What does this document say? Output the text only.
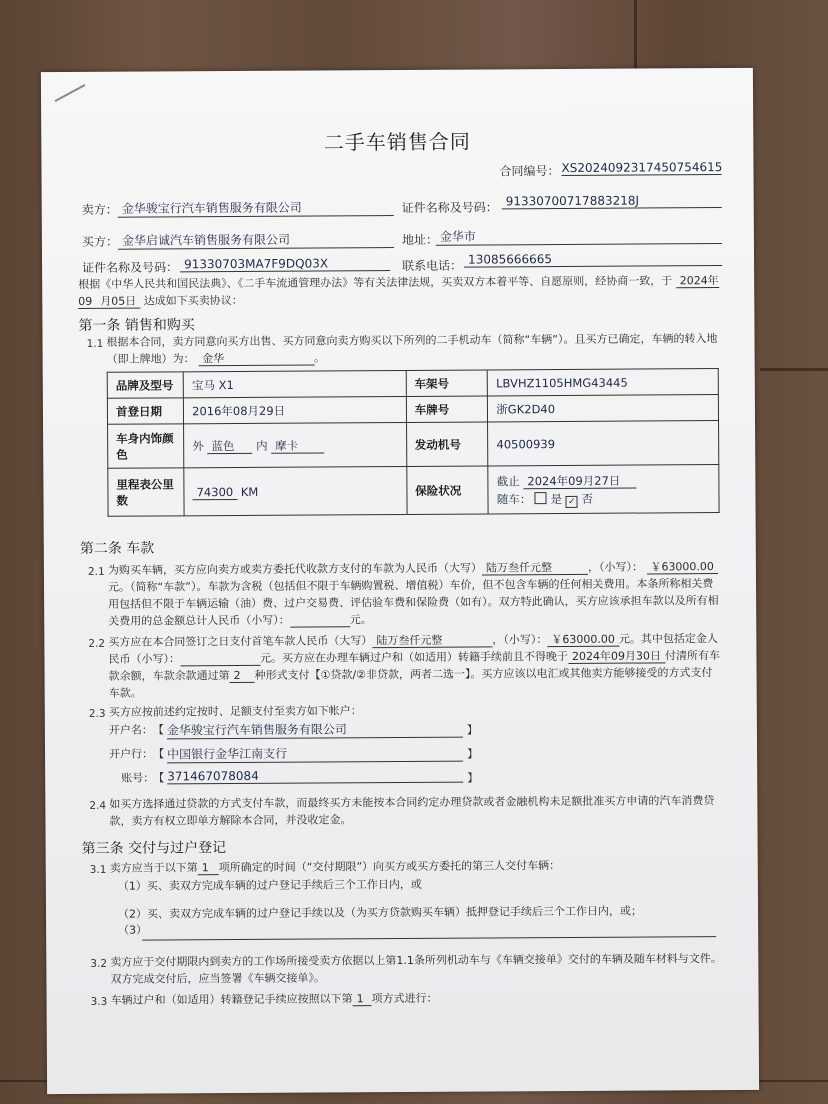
二手车销售合同
合同编号： XS2024092317450754615
卖方： 金华骏宝行汽车销售服务有限公司	证件名称及号码： 91330700717883218J
买方： 金华启诚汽车销售服务有限公司	地址： 金华市
证件名称及号码： 91330703MA7F9DQ03X	联系电话： 13085666665
根据《中华人民共和国民法典》、《二手车流通管理办法》等有关法律法规，买卖双方本着平等、自愿原则，经协商一致，于 2024年09 月05日 达成如下买卖协议：
第一条 销售和购买
1.1 根据本合同，卖方同意向买方出售、买方同意向卖方购买以下所列的二手机动车（简称“车辆”）。且买方已确定，车辆的转入地（即上牌地）为： 金华	。
品牌及型号	宝马 X1	车架号	LBVHZ1105HMG43445
首登日期	2016年08月29日	车牌号	浙GK2D40
车身内饰颜色	外 蓝色 内 摩卡	发动机号	40500939
里程表公里数	74300 KM	保险状况	截止 2024年09月27日
随车： 是 ✓ 否
第二条 车款
2.1 为购买车辆，买方应向卖方或卖方委托代收款方支付的车款为人民币（大写） 陆万叁仟元整	，（小写）： ￥63000.00元。（简称“车款”）。车款为含税（包括但不限于车辆购置税、增值税）车价，但不包含车辆的任何相关费用。本条所称相关费用包括但不限于车辆运输（油）费、过户交易费、评估验车费和保险费（如有）。双方特此确认，买方应该承担车款以及所有相关费用的总金额总计人民币（小写）：	元。
2.2 买方应在本合同签订之日支付首笔车款人民币（大写） 陆万叁仟元整	，（小写）： ￥63000.00 元。其中包括定金人民币（小写）：	元。买方应在办理车辆过户和（如适用）转籍手续前且不得晚于 2024年09月30日 付清所有车款余额，车款余款通过第 2 种形式支付【①贷款/②非贷款，两者二选一】。买方应该以电汇或其他卖方能够接受的方式支付车款。
2.3 买方应按前述约定按时、足额支付至卖方如下帐户：
开户名： 【 金华骏宝行汽车销售服务有限公司	】
开户行： 【 中国银行金华江南支行	】
账号：
【 371467078084	】
2.4 如买方选择通过贷款的方式支付车款，而最终买方未能按本合同约定办理贷款或者金融机构未足额批准买方申请的汽车消费贷款，卖方有权立即单方解除本合同，并没收定金。
第三条 交付与过户登记
3.1 卖方应当于以下第 1 项所确定的时间（“交付期限”）向买方或买方委托的第三人交付车辆：
（1）买、卖双方完成车辆的过户登记手续后三个工作日内，或
（2）买、卖双方完成车辆的过户登记手续以及（为买方贷款购买车辆）抵押登记手续后三个工作日内，或；
（3）
3.2 卖方应于交付期限内到卖方的工作场所接受卖方依据以上第1.1条所列机动车与《车辆交接单》交付的车辆及随车材料与文件。双方完成交付后，应当签署《车辆交接单》。
3.3 车辆过户和（如适用）转籍登记手续应按照以下第 1 项方式进行：
